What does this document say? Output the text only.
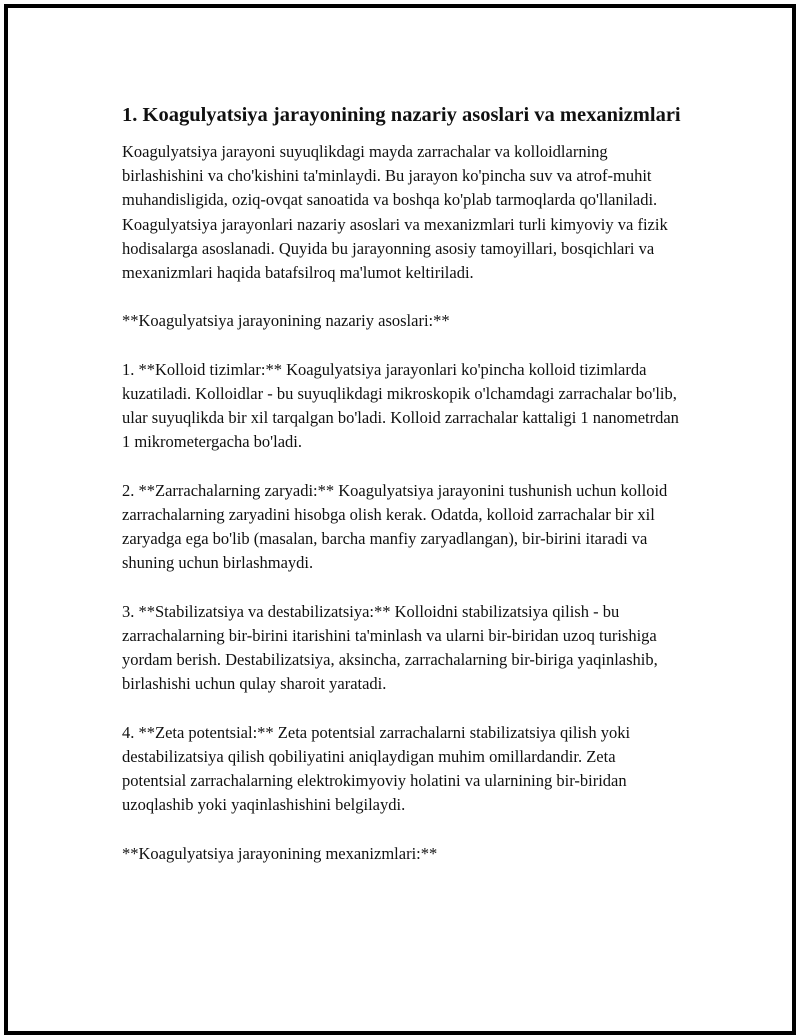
1. Koagulyatsiya jarayonining nazariy asoslari va mexanizmlari

Koagulyatsiya jarayoni suyuqlikdagi mayda zarrachalar va kolloidlarning birlashishini va cho'kishini ta'minlaydi. Bu jarayon ko'pincha suv va atrof-muhit muhandisligida, oziq-ovqat sanoatida va boshqa ko'plab tarmoqlarda qo'llaniladi. Koagulyatsiya jarayonlari nazariy asoslari va mexanizmlari turli kimyoviy va fizik hodisalarga asoslanadi. Quyida bu jarayonning asosiy tamoyillari, bosqichlari va mexanizmlari haqida batafsilroq ma'lumot keltiriladi.

**Koagulyatsiya jarayonining nazariy asoslari:**

1. **Kolloid tizimlar:** Koagulyatsiya jarayonlari ko'pincha kolloid tizimlarda kuzatiladi. Kolloidlar - bu suyuqlikdagi mikroskopik o'lchamdagi zarrachalar bo'lib, ular suyuqlikda bir xil tarqalgan bo'ladi. Kolloid zarrachalar kattaligi 1 nanometrdan 1 mikrometergacha bo'ladi.

2. **Zarrachalarning zaryadi:** Koagulyatsiya jarayonini tushunish uchun kolloid zarrachalarning zaryadini hisobga olish kerak. Odatda, kolloid zarrachalar bir xil zaryadga ega bo'lib (masalan, barcha manfiy zaryadlangan), bir-birini itaradi va shuning uchun birlashmaydi.

3. **Stabilizatsiya va destabilizatsiya:** Kolloidni stabilizatsiya qilish - bu zarrachalarning bir-birini itarishini ta'minlash va ularni bir-biridan uzoq turishiga yordam berish. Destabilizatsiya, aksincha, zarrachalarning bir-biriga yaqinlashib, birlashishi uchun qulay sharoit yaratadi.

4. **Zeta potentsial:** Zeta potentsial zarrachalarni stabilizatsiya qilish yoki destabilizatsiya qilish qobiliyatini aniqlaydigan muhim omillardandir. Zeta potentsial zarrachalarning elektrokimyoviy holatini va ularnining bir-biridan uzoqlashib yoki yaqinlashishini belgilaydi.

**Koagulyatsiya jarayonining mexanizmlari:**
